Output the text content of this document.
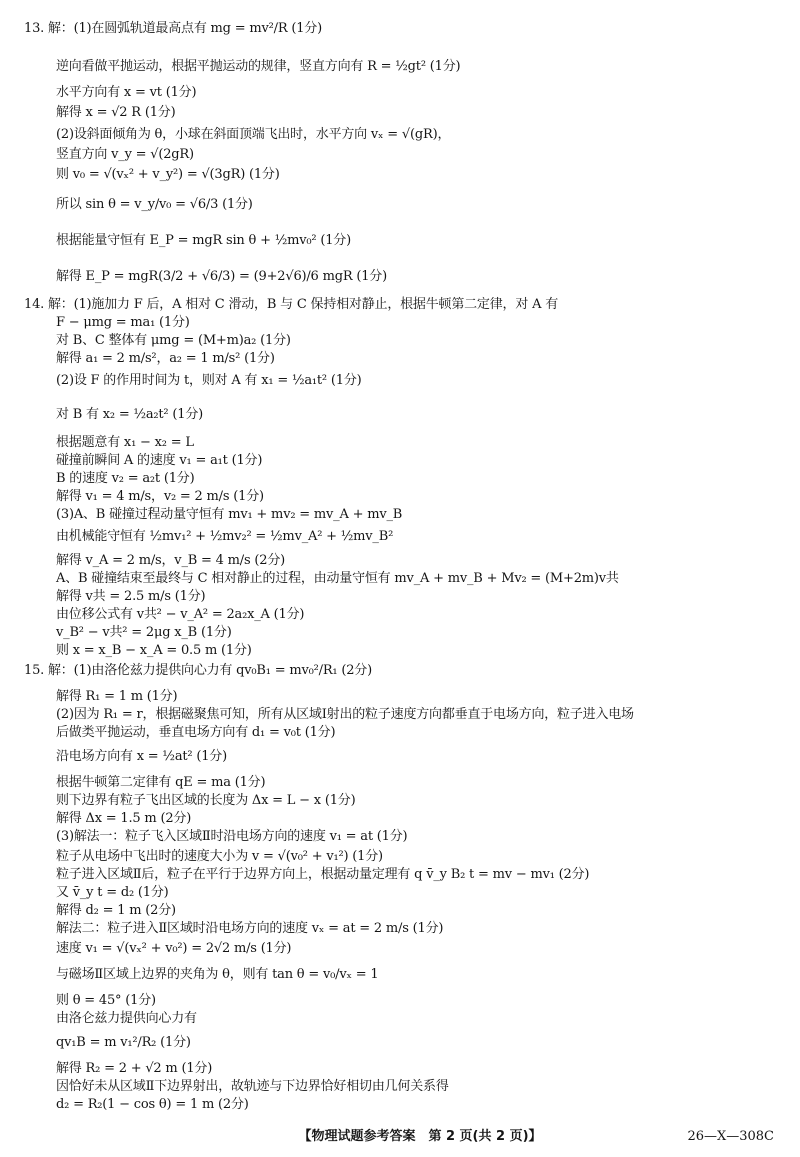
13. 解：(1)在圆弧轨道最高点有 mg = mv²/R (1分)
逆向看做平抛运动，根据平抛运动的规律，竖直方向有 R = ½gt² (1分)
水平方向有 x = vt (1分)
解得 x = √2 R (1分)
(2)设斜面倾角为 θ，小球在斜面顶端飞出时，水平方向 vₓ = √(gR)，
竖直方向 v_y = √(2gR)
则 v₀ = √(vₓ² + v_y²) = √(3gR) (1分)
所以 sin θ = v_y/v₀ = √6/3 (1分)
根据能量守恒有 E_P = mgR sin θ + ½mv₀² (1分)
解得 E_P = mgR(3/2 + √6/3) = (9+2√6)/6 mgR (1分)
14. 解：(1)施加力 F 后，A 相对 C 滑动，B 与 C 保持相对静止，根据牛顿第二定律，对 A 有
F − μmg = ma₁ (1分)
对 B、C 整体有 μmg = (M+m)a₂ (1分)
解得 a₁ = 2 m/s²，a₂ = 1 m/s² (1分)
(2)设 F 的作用时间为 t，则对 A 有 x₁ = ½a₁t² (1分)
对 B 有 x₂ = ½a₂t² (1分)
根据题意有 x₁ − x₂ = L
碰撞前瞬间 A 的速度 v₁ = a₁t (1分)
B 的速度 v₂ = a₂t (1分)
解得 v₁ = 4 m/s，v₂ = 2 m/s (1分)
(3)A、B 碰撞过程动量守恒有 mv₁ + mv₂ = mv_A + mv_B
由机械能守恒有 ½mv₁² + ½mv₂² = ½mv_A² + ½mv_B²
解得 v_A = 2 m/s，v_B = 4 m/s (2分)
A、B 碰撞结束至最终与 C 相对静止的过程，由动量守恒有 mv_A + mv_B + Mv₂ = (M+2m)v共
解得 v共 = 2.5 m/s (1分)
由位移公式有 v共² − v_A² = 2a₂x_A (1分)
v_B² − v共² = 2μg x_B (1分)
则 x = x_B − x_A = 0.5 m (1分)
15. 解：(1)由洛伦兹力提供向心力有 qv₀B₁ = mv₀²/R₁ (2分)
解得 R₁ = 1 m (1分)
(2)因为 R₁ = r，根据磁聚焦可知，所有从区域Ⅰ射出的粒子速度方向都垂直于电场方向，粒子进入电场
后做类平抛运动，垂直电场方向有 d₁ = v₀t (1分)
沿电场方向有 x = ½at² (1分)
根据牛顿第二定律有 qE = ma (1分)
则下边界有粒子飞出区域的长度为 Δx = L − x (1分)
解得 Δx = 1.5 m (2分)
(3)解法一：粒子飞入区域Ⅱ时沿电场方向的速度 v₁ = at (1分)
粒子从电场中飞出时的速度大小为 v = √(v₀² + v₁²) (1分)
粒子进入区域Ⅱ后，粒子在平行于边界方向上，根据动量定理有 q v̄_y B₂ t = mv − mv₁ (2分)
又 v̄_y t = d₂ (1分)
解得 d₂ = 1 m (2分)
解法二：粒子进入Ⅱ区域时沿电场方向的速度 vₓ = at = 2 m/s (1分)
速度 v₁ = √(vₓ² + v₀²) = 2√2 m/s (1分)
与磁场Ⅱ区域上边界的夹角为 θ，则有 tan θ = v₀/vₓ = 1
则 θ = 45° (1分)
由洛仑兹力提供向心力有
qv₁B = m v₁²/R₂ (1分)
解得 R₂ = 2 + √2 m (1分)
因恰好未从区域Ⅱ下边界射出，故轨迹与下边界恰好相切由几何关系得
d₂ = R₂(1 − cos θ) = 1 m (2分)
【物理试题参考答案　第 2 页(共 2 页)】	26—X—308C
